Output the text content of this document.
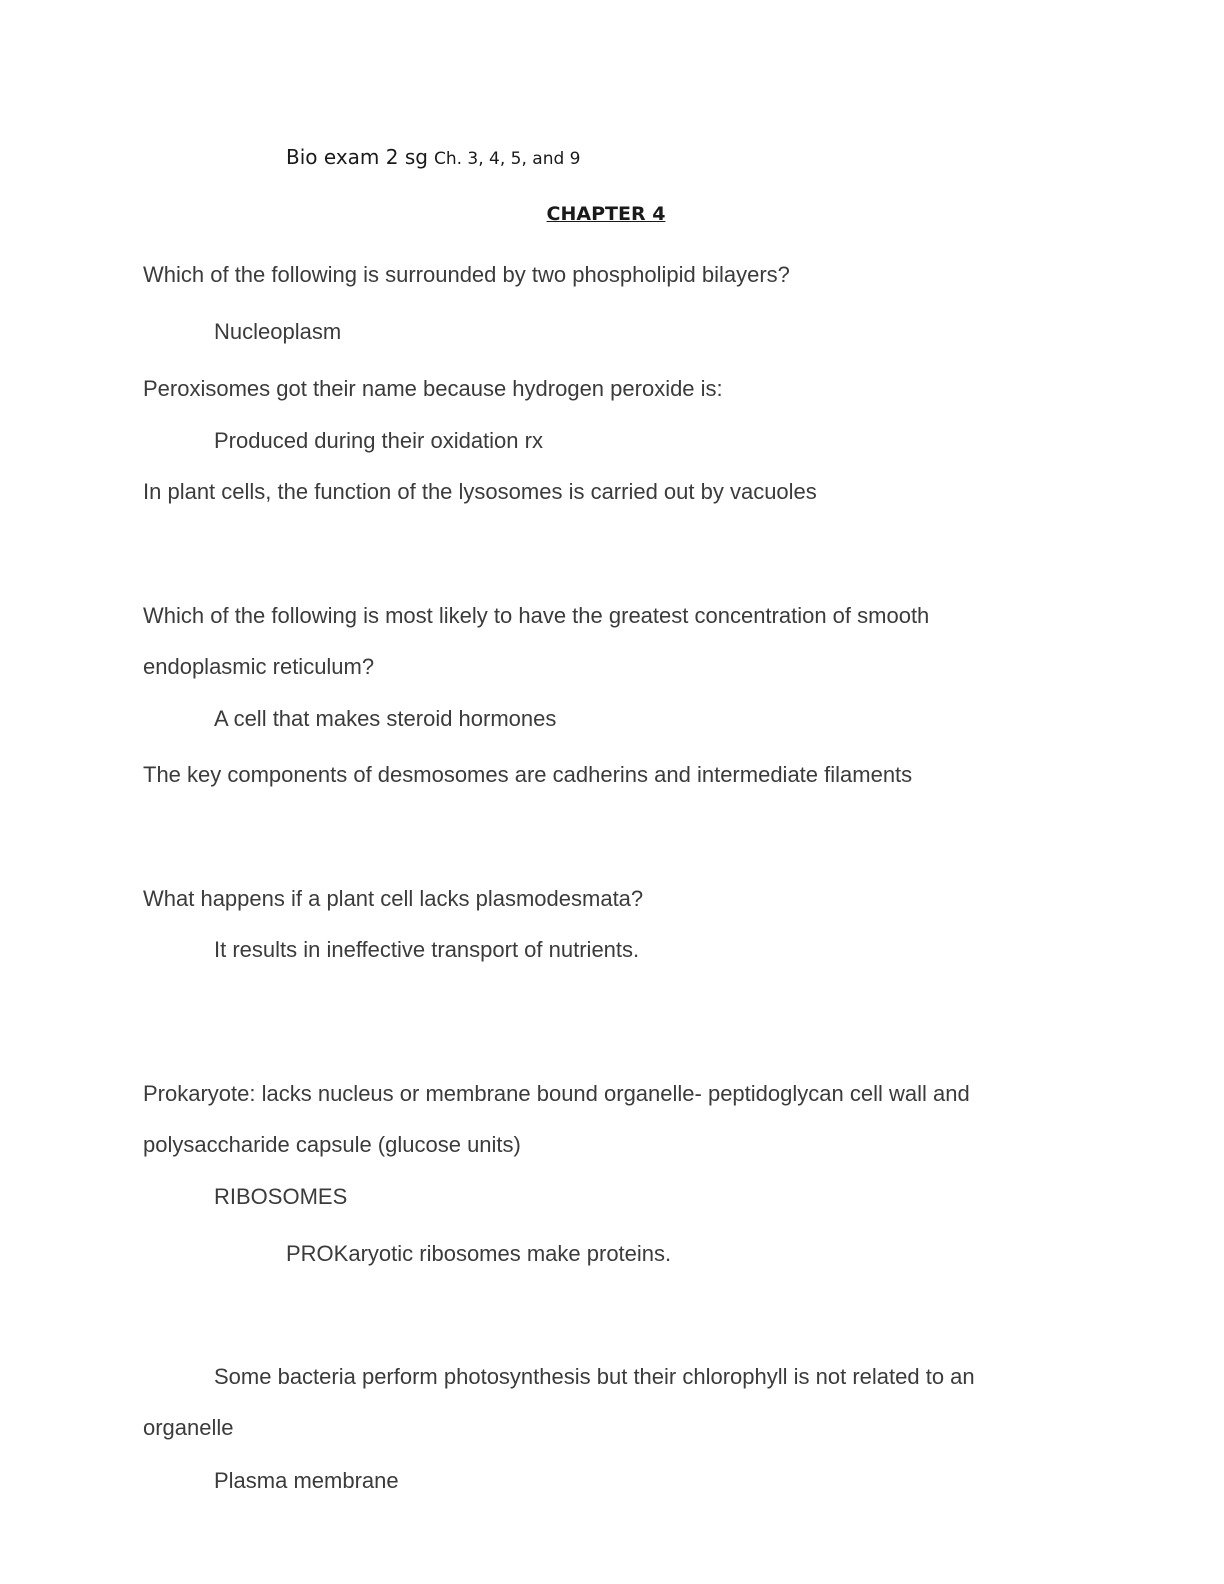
Bio exam 2 sg Ch. 3, 4, 5, and 9
CHAPTER 4
Which of the following is surrounded by two phospholipid bilayers?
Nucleoplasm
Peroxisomes got their name because hydrogen peroxide is:
Produced during their oxidation rx
In plant cells, the function of the lysosomes is carried out by vacuoles
Which of the following is most likely to have the greatest concentration of smooth
endoplasmic reticulum?
A cell that makes steroid hormones
The key components of desmosomes are cadherins and intermediate filaments
What happens if a plant cell lacks plasmodesmata?
It results in ineffective transport of nutrients.
Prokaryote: lacks nucleus or membrane bound organelle- peptidoglycan cell wall and
polysaccharide capsule (glucose units)
RIBOSOMES
PROKaryotic ribosomes make proteins.
Some bacteria perform photosynthesis but their chlorophyll is not related to an
organelle
Plasma membrane
